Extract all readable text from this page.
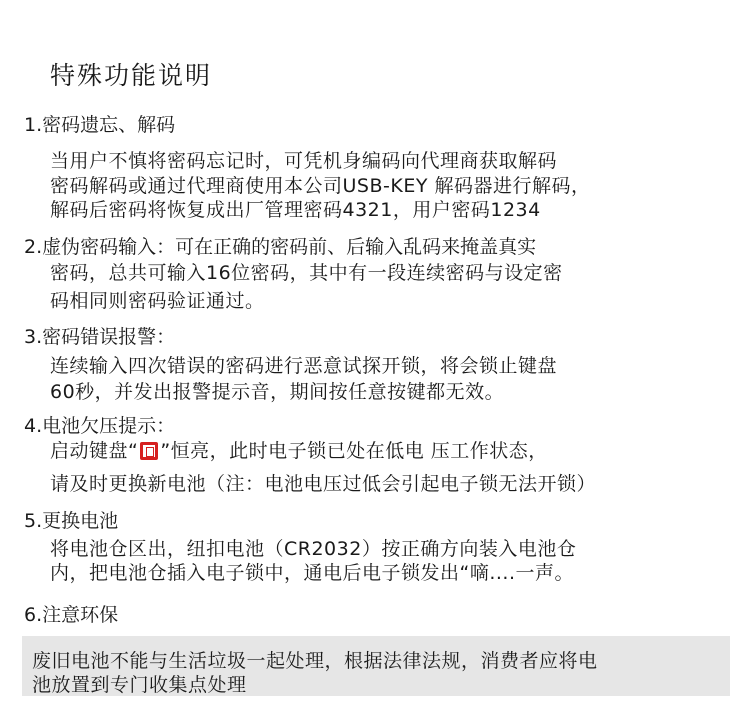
特殊功能说明
1.密码遗忘、解码
当用户不慎将密码忘记时，可凭机身编码向代理商获取解码
密码解码或通过代理商使用本公司USB-KEY 解码器进行解码，
解码后密码将恢复成出厂管理密码4321，用户密码1234
2.虚伪密码输入：可在正确的密码前、后输入乱码来掩盖真实
密码，总共可输入16位密码，其中有一段连续密码与设定密
码相同则密码验证通过。
3.密码错误报警：
连续输入四次错误的密码进行恶意试探开锁，将会锁止键盘
60秒，并发出报警提示音，期间按任意按键都无效。
4.电池欠压提示：
启动键盘“ ”恒亮，此时电子锁已处在低电 压工作状态，
请及时更换新电池（注：电池电压过低会引起电子锁无法开锁）
5.更换电池
将电池仓区出，纽扣电池（CR2032）按正确方向装入电池仓
内，把电池仓插入电子锁中，通电后电子锁发出“嘀....一声。
6.注意环保
废旧电池不能与生活垃圾一起处理，根据法律法规，消费者应将电
池放置到专门收集点处理
